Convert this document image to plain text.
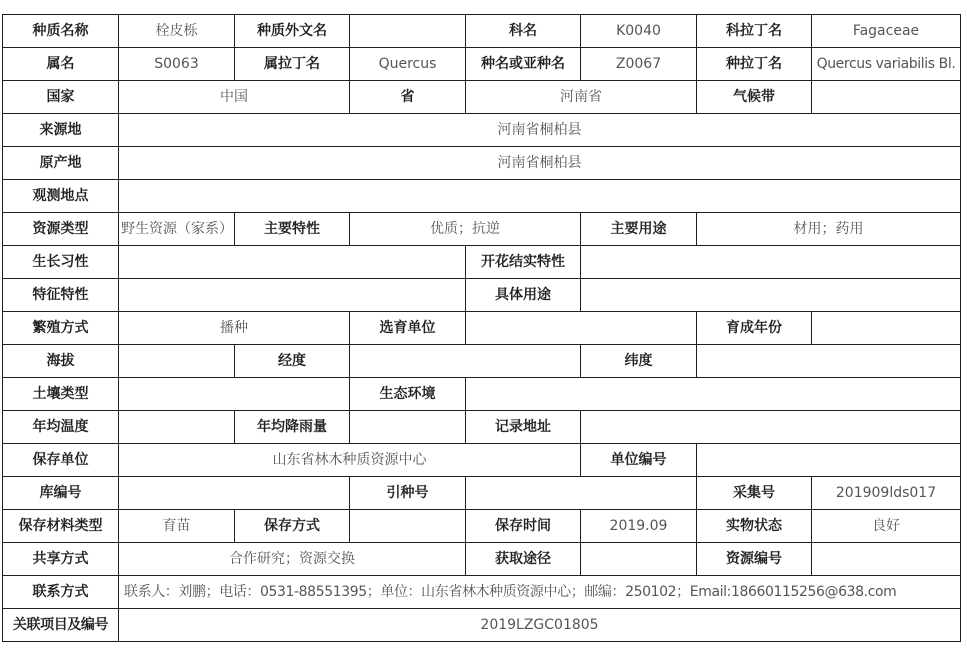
种质名称	栓皮栎	种质外文名		科名	K0040	科拉丁名	Fagaceae
属名	S0063	属拉丁名	Quercus	种名或亚种名	Z0067	种拉丁名	Quercus variabilis Bl.
国家	中国		省	河南省		气候带	
来源地	河南省桐柏县						
原产地	河南省桐柏县						
观测地点							
资源类型	野生资源（家系）	主要特性	优质；抗逆		主要用途	材用；药用	
生长习性				开花结实特性			
特征特性				具体用途			
繁殖方式	播种		选育单位			育成年份	
海拔		经度			纬度		
土壤类型			生态环境				
年均温度		年均降雨量		记录地址			
保存单位	山东省林木种质资源中心				单位编号		
库编号			引种号			采集号	201909lds017
保存材料类型	育苗	保存方式		保存时间	2019.09	实物状态	良好
共享方式	合作研究；资源交换			获取途径		资源编号	
联系方式	联系人：刘鹏；电话：0531-88551395；单位：山东省林木种质资源中心；邮编：250102；Email:18660115256@638.com						
关联项目及编号	2019LZGC01805						
